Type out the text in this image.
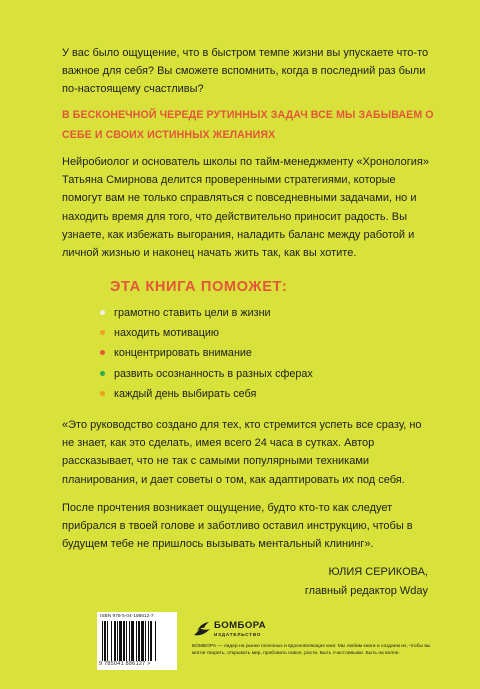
У вас было ощущение, что в быстром темпе жизни вы упускаете что-то важное для себя? Вы сможете вспомнить, когда в последний раз были по-настоящему счастливы?

В БЕСКОНЕЧНОЙ ЧЕРЕДЕ РУТИННЫХ ЗАДАЧ ВСЕ МЫ ЗАБЫВАЕМ О СЕБЕ И СВОИХ ИСТИННЫХ ЖЕЛАНИЯХ

Нейробиолог и основатель школы по тайм-менеджменту «Хронология» Татьяна Смирнова делится проверенными стратегиями, которые помогут вам не только справляться с повседневными задачами, но и находить время для того, что действительно приносит радость. Вы узнаете, как избежать выгорания, наладить баланс между работой и личной жизнью и наконец начать жить так, как вы хотите.

ЭТА КНИГА ПОМОЖЕТ:

грамотно ставить цели в жизни
находить мотивацию
концентрировать внимание
развить осознанность в разных сферах
каждый день выбирать себя

«Это руководство создано для тех, кто стремится успеть все сразу, но не знает, как это сделать, имея всего 24 часа в сутках. Автор рассказывает, что не так с самыми популярными техниками планирования, и дает советы о том, как адаптировать их под себя.

После прочтения возникает ощущение, будто кто-то как следует прибрался в твоей голове и заботливо оставил инструкцию, чтобы в будущем тебе не пришлось вызывать ментальный клининг».

ЮЛИЯ СЕРИКОВА,

главный редактор Wday

ISBN 978-5-04-188612-7
9 785041 886127 >
БОМБОРА
ИЗДАТЕЛЬСТВО

БОМБОРА — лидер на рынке полезных и вдохновляющих книг. Мы любим книги и создаем их, чтобы вы могли творить, открывать мир, пробовать новое, расти. Быть счастливыми. Быть на волне.
